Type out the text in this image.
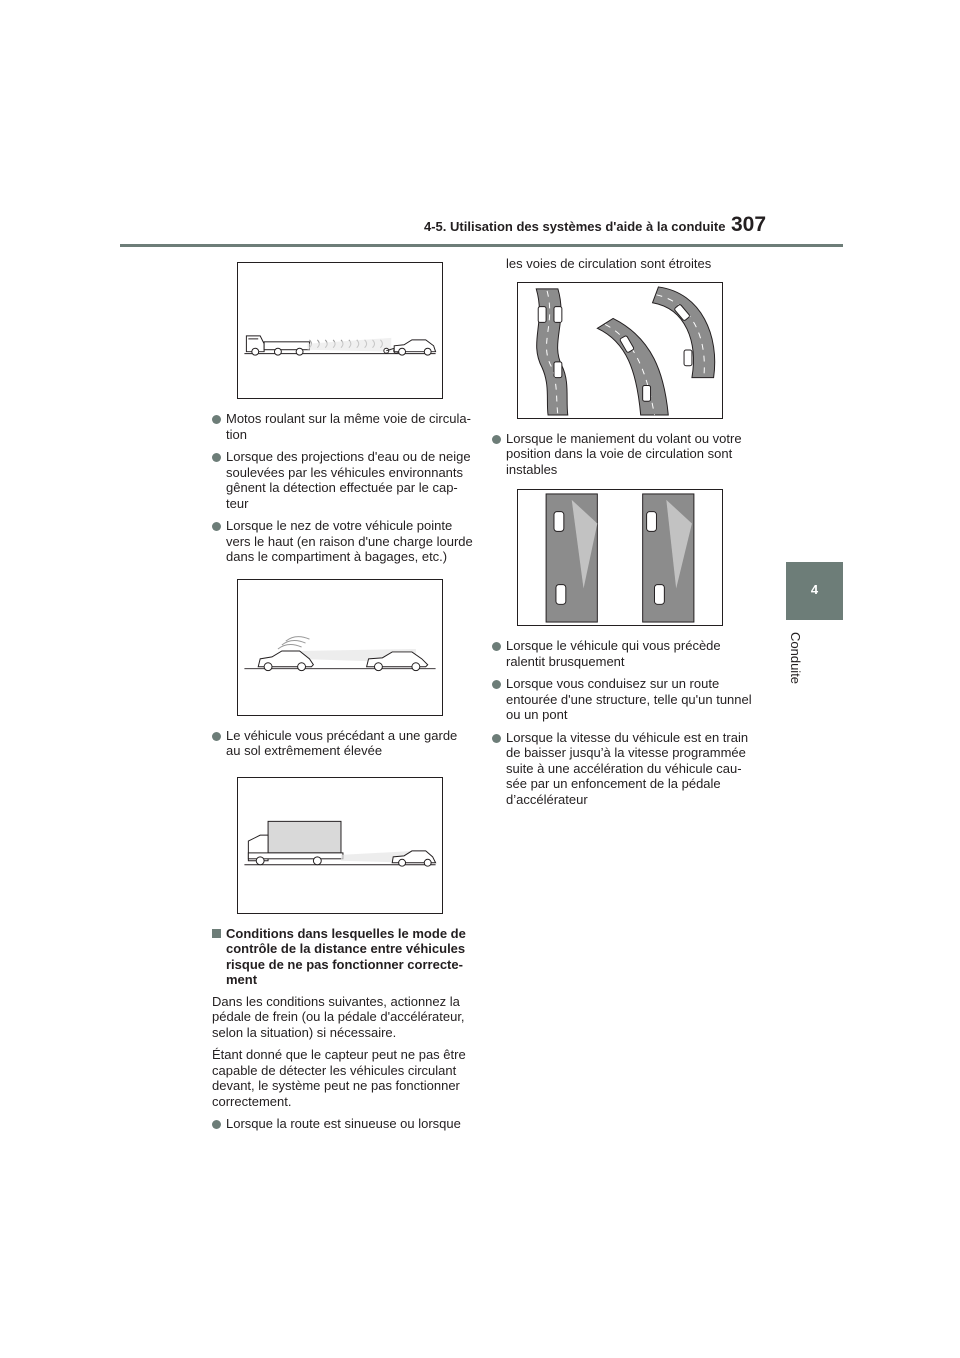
4-5. Utilisation des systèmes d'aide à la conduite 307
4
Conduite
Motos roulant sur la même voie de circula-tion
Lorsque des projections d'eau ou de neige soulevées par les véhicules environnants gênent la détection effectuée par le cap-teur
Lorsque le nez de votre véhicule pointe vers le haut (en raison d'une charge lourde dans le compartiment à bagages, etc.)
Le véhicule vous précédant a une garde au sol extrêmement élevée
Conditions dans lesquelles le mode de contrôle de la distance entre véhicules risque de ne pas fonctionner correcte-ment

Dans les conditions suivantes, actionnez la pédale de frein (ou la pédale d'accélérateur, selon la situation) si nécessaire.

Étant donné que le capteur peut ne pas être capable de détecter les véhicules circulant devant, le système peut ne pas fonctionner correctement.

Lorsque la route est sinueuse ou lorsque

les voies de circulation sont étroites

Lorsque le maniement du volant ou votre position dans la voie de circulation sont instables
Lorsque le véhicule qui vous précède ralentit brusquement
Lorsque vous conduisez sur un route entourée d'une structure, telle qu'un tunnel ou un pont
Lorsque la vitesse du véhicule est en train de baisser jusqu’à la vitesse programmée suite à une accélération du véhicule cau-sée par un enfoncement de la pédale d’accélérateur
